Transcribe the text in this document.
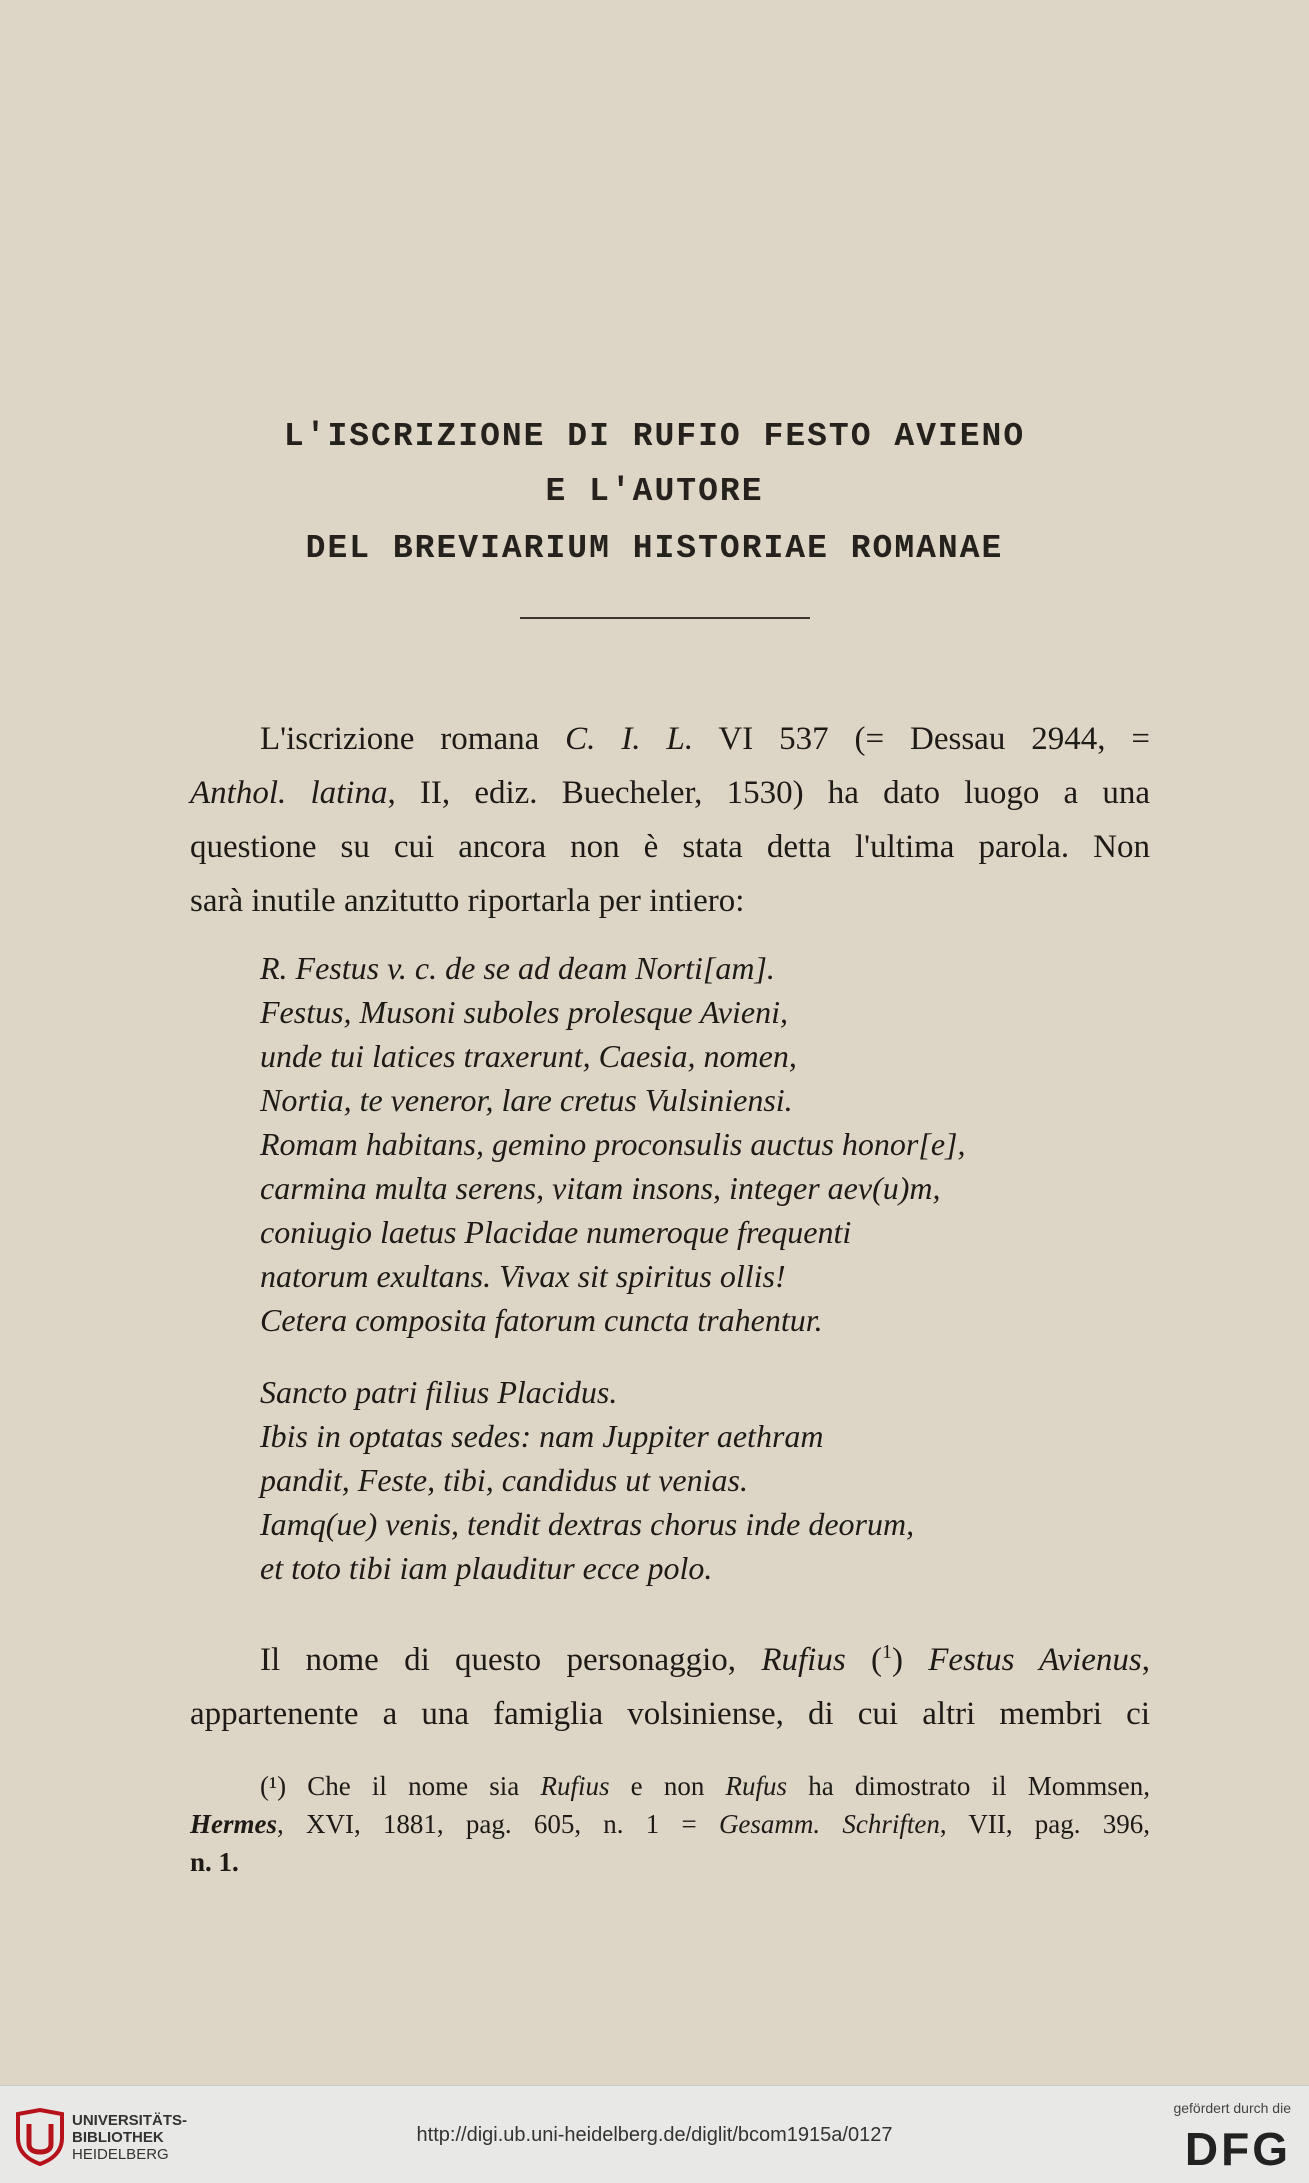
L'ISCRIZIONE DI RUFIO FESTO AVIENO
E L'AUTORE
DEL BREVIARIUM HISTORIAE ROMANAE
L'iscrizione romana C. I. L. VI 537 (= Dessau 2944, =
Anthol. latina, II, ediz. Buecheler, 1530) ha dato luogo a una
questione su cui ancora non è stata detta l'ultima parola. Non
sarà inutile anzitutto riportarla per intiero:
R. Festus v. c. de se ad deam Norti[am].
Festus, Musoni suboles prolesque Avieni,
unde tui latices traxerunt, Caesia, nomen,
Nortia, te veneror, lare cretus Vulsiniensi.
Romam habitans, gemino proconsulis auctus honor[e],
carmina multa serens, vitam insons, integer aev(u)m,
coniugio laetus Placidae numeroque frequenti
natorum exultans. Vivax sit spiritus ollis!
Cetera composita fatorum cuncta trahentur.
Sancto patri filius Placidus.
Ibis in optatas sedes: nam Juppiter aethram
pandit, Feste, tibi, candidus ut venias.
Iamq(ue) venis, tendit dextras chorus inde deorum,
et toto tibi iam plauditur ecce polo.
Il nome di questo personaggio, Rufius ($^1$) Festus Avienus,
appartenente a una famiglia volsiniense, di cui altri membri ci
(¹) Che il nome sia Rufius e non Rufus ha dimostrato il Mommsen,
Hermes, XVI, 1881, pag. 605, n. 1 = Gesamm. Schriften, VII, pag. 396,
n. 1.
UNIVERSITÄTS-
BIBLIOTHEK
HEIDELBERG
http://digi.ub.uni-heidelberg.de/diglit/bcom1915a/0127
gefördert durch die
DFG
